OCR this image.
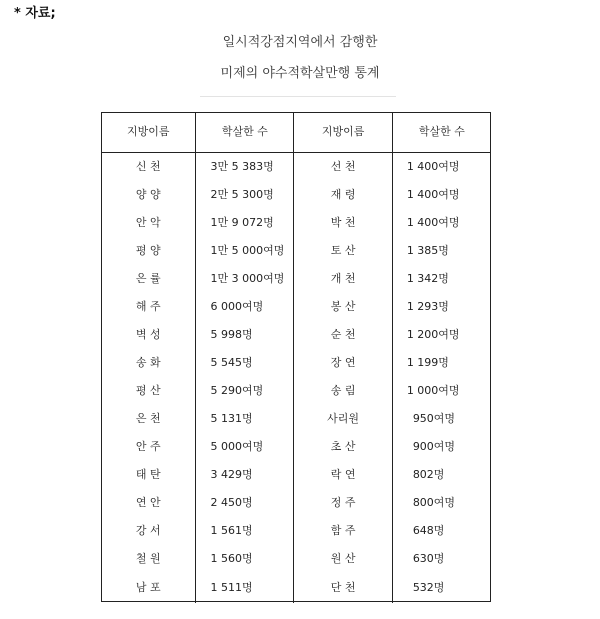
* 자료;
일시적강점지역에서 감행한
미제의 야수적학살만행 통계
지방이름	학살한 수	지방이름	학살한 수
신 천	3만 5 383명	선 천	1 400여명
양 양	2만 5 300명	재 령	1 400여명
안 악	1만 9 072명	박 천	1 400여명
평 양	1만 5 000여명	토 산	1 385명
은 률	1만 3 000여명	개 천	1 342명
해 주	6 000여명	봉 산	1 293명
벽 성	5 998명	순 천	1 200여명
송 화	5 545명	장 연	1 199명
평 산	5 290여명	송 림	1 000여명
은 천	5 131명	사리원	950여명
안 주	5 000여명	초 산	900여명
태 탄	3 429명	락 연	802명
연 안	2 450명	정 주	800여명
강 서	1 561명	함 주	648명
철 원	1 560명	원 산	630명
남 포	1 511명	단 천	532명
